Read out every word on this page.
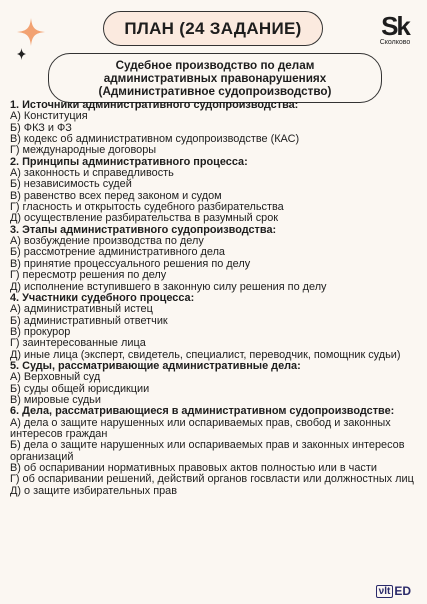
ПЛАН (24 ЗАДАНИЕ)	Sk
Сколково
Судебное производство по делам
административных правонарушениях
(Административное судопроизводство)
1. Источники административного судопроизводства:
А) Конституция
Б) ФКЗ и ФЗ
В) кодекс об административном судопроизводстве (КАС)
Г) международные договоры
2. Принципы административного процесса:
А) законность и справедливость
Б) независимость судей
В) равенство всех перед законом и судом
Г) гласность и открытость судебного разбирательства
Д) осуществление разбирательства в разумный срок
3. Этапы административного судопроизводства:
А) возбуждение производства по делу
Б) рассмотрение административного дела
В) принятие процессуального решения по делу
Г) пересмотр решения по делу
Д) исполнение вступившего в законную силу решения по делу
4. Участники судебного процесса:
А) административный истец
Б) административный ответчик
В) прокурор
Г) заинтересованные лица
Д) иные лица (эксперт, свидетель, специалист, переводчик, помощник судьи)
5. Суды, рассматривающие административные дела:
А) Верховный суд
Б) суды общей юрисдикции
В) мировые судьи
6. Дела, рассматривающиеся в административном судопроизводстве:
А) дела о защите нарушенных или оспариваемых прав, свобод и законных интересов граждан
Б) дела о защите нарушенных или оспариваемых прав и законных интересов организаций
В) об оспаривании нормативных правовых актов полностью или в части
Г) об оспаривании решений, действий органов госвласти или должностных лиц
Д) о защите избирательных прав
νlt ED
